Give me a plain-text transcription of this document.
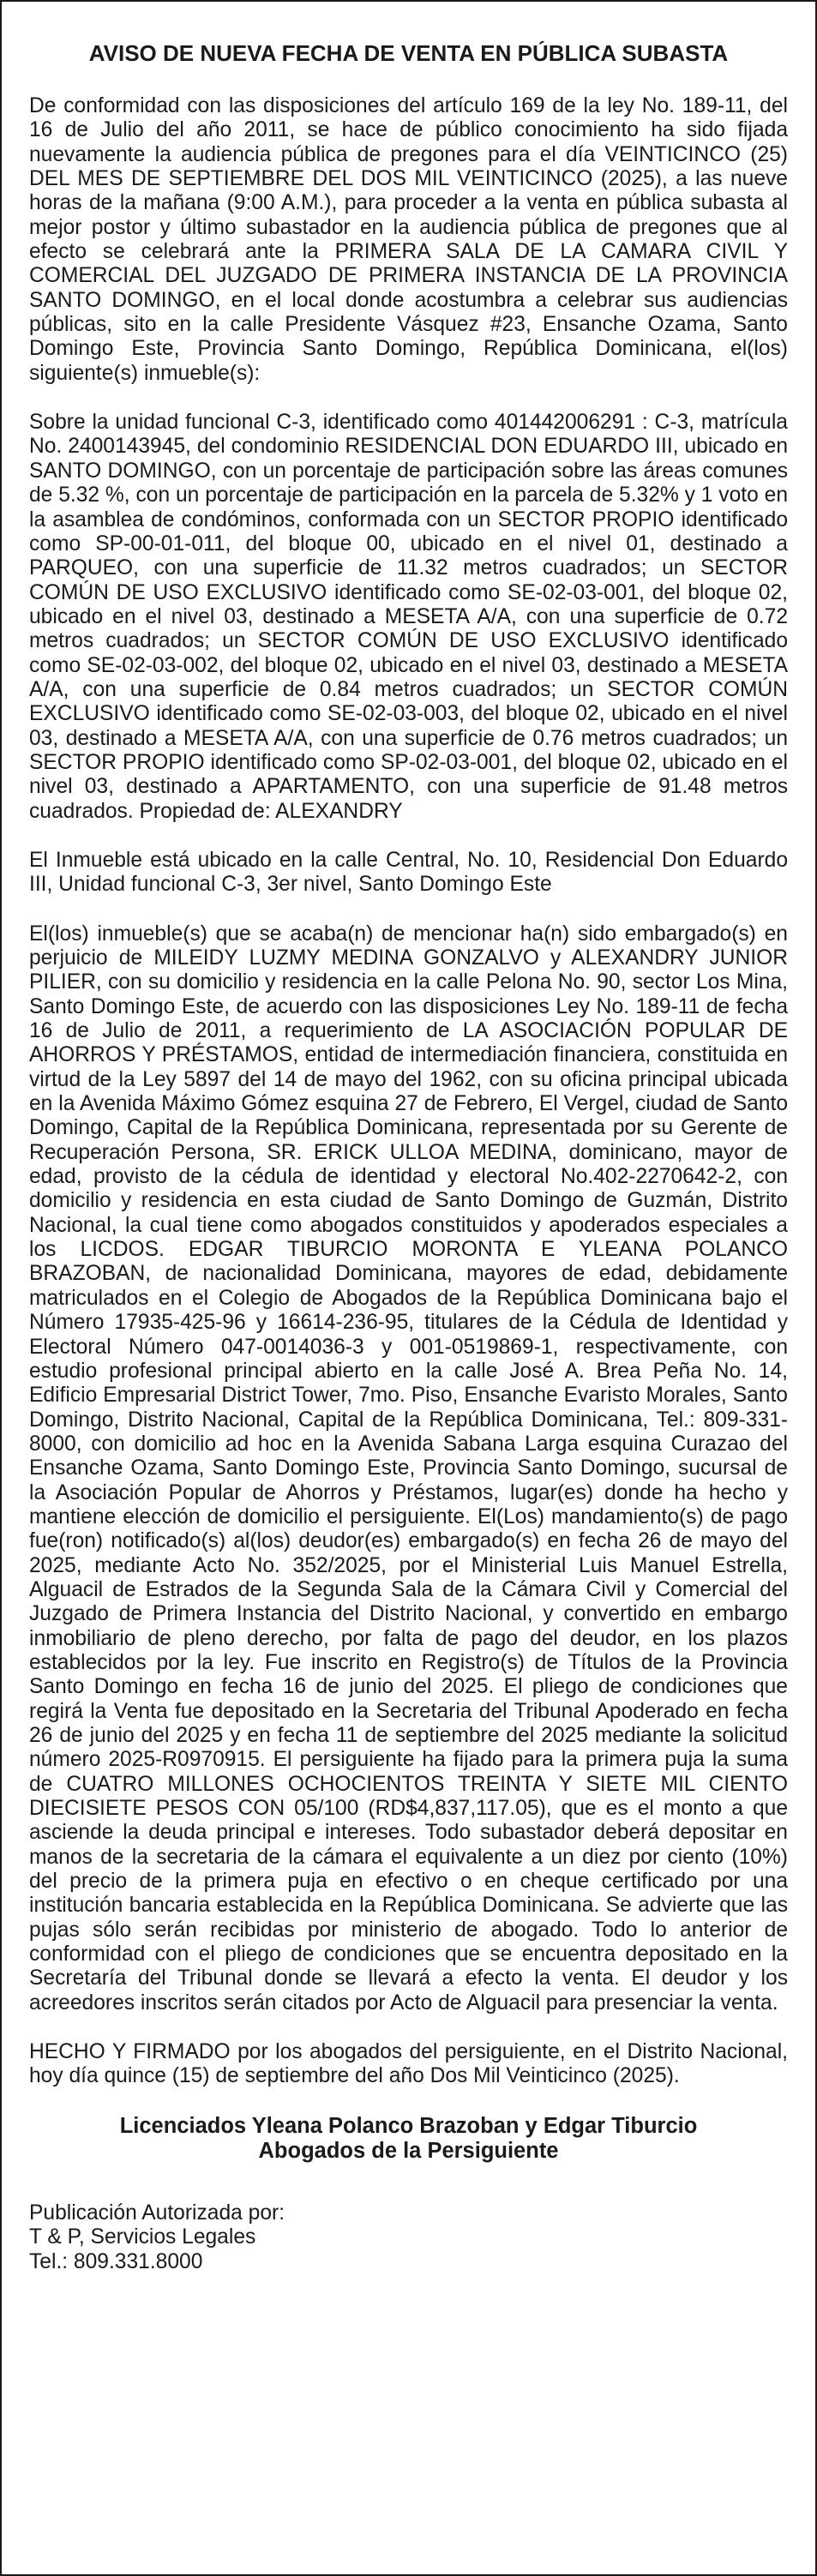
AVISO DE NUEVA FECHA DE VENTA EN PÚBLICA SUBASTA

De conformidad con las disposiciones del artículo 169 de la ley No. 189-11, del 16 de Julio del año 2011, se hace de público conocimiento ha sido fijada nuevamente la audiencia pública de pregones para el día VEINTICINCO (25) DEL MES DE SEPTIEMBRE DEL DOS MIL VEINTICINCO (2025), a las nueve horas de la mañana (9:00 A.M.), para proceder a la venta en pública subasta al mejor postor y último subastador en la audiencia pública de pregones que al efecto se celebrará ante la PRIMERA SALA DE LA CAMARA CIVIL Y COMERCIAL DEL JUZGADO DE PRIMERA INSTANCIA DE LA PROVINCIA SANTO DOMINGO, en el local donde acostumbra a celebrar sus audiencias públicas, sito en la calle Presidente Vásquez #23, Ensanche Ozama, Santo Domingo Este, Provincia Santo Domingo, República Dominicana, el(los) siguiente(s) inmueble(s):

Sobre la unidad funcional C-3, identificado como 401442006291 : C-3, matrícula No. 2400143945, del condominio RESIDENCIAL DON EDUARDO III, ubicado en SANTO DOMINGO, con un porcentaje de participación sobre las áreas comunes de 5.32 %, con un porcentaje de participación en la parcela de 5.32% y 1 voto en la asamblea de condóminos, conformada con un SECTOR PROPIO identificado como SP-00-01-011, del bloque 00, ubicado en el nivel 01, destinado a PARQUEO, con una superficie de 11.32 metros cuadrados; un SECTOR COMÚN DE USO EXCLUSIVO identificado como SE-02-03-001, del bloque 02, ubicado en el nivel 03, destinado a MESETA A/A, con una superficie de 0.72 metros cuadrados; un SECTOR COMÚN DE USO EXCLUSIVO identificado como SE-02-03-002, del bloque 02, ubicado en el nivel 03, destinado a MESETA A/A, con una superficie de 0.84 metros cuadrados; un SECTOR COMÚN EXCLUSIVO identificado como SE-02-03-003, del bloque 02, ubicado en el nivel 03, destinado a MESETA A/A, con una superficie de 0.76 metros cuadrados; un SECTOR PROPIO identificado como SP-02-03-001, del bloque 02, ubicado en el nivel 03, destinado a APARTAMENTO, con una superficie de 91.48 metros cuadrados. Propiedad de: ALEXANDRY

El Inmueble está ubicado en la calle Central, No. 10, Residencial Don Eduardo III, Unidad funcional C-3, 3er nivel, Santo Domingo Este

El(los) inmueble(s) que se acaba(n) de mencionar ha(n) sido embargado(s) en perjuicio de MILEIDY LUZMY MEDINA GONZALVO y ALEXANDRY JUNIOR PILIER, con su domicilio y residencia en la calle Pelona No. 90, sector Los Mina, Santo Domingo Este, de acuerdo con las disposiciones Ley No. 189-11 de fecha 16 de Julio de 2011, a requerimiento de LA ASOCIACIÓN POPULAR DE AHORROS Y PRÉSTAMOS, entidad de intermediación financiera, constituida en virtud de la Ley 5897 del 14 de mayo del 1962, con su oficina principal ubicada en la Avenida Máximo Gómez esquina 27 de Febrero, El Vergel, ciudad de Santo Domingo, Capital de la República Dominicana, representada por su Gerente de Recuperación Persona, SR. ERICK ULLOA MEDINA, dominicano, mayor de edad, provisto de la cédula de identidad y electoral No.402-2270642-2, con domicilio y residencia en esta ciudad de Santo Domingo de Guzmán, Distrito Nacional, la cual tiene como abogados constituidos y apoderados especiales a los LICDOS. EDGAR TIBURCIO MORONTA E YLEANA POLANCO BRAZOBAN, de nacionalidad Dominicana, mayores de edad, debidamente matriculados en el Colegio de Abogados de la República Dominicana bajo el Número 17935-425-96 y 16614-236-95, titulares de la Cédula de Identidad y Electoral Número 047-0014036-3 y 001-0519869-1, respectivamente, con estudio profesional principal abierto en la calle José A. Brea Peña No. 14, Edificio Empresarial District Tower, 7mo. Piso, Ensanche Evaristo Morales, Santo Domingo, Distrito Nacional, Capital de la República Dominicana, Tel.: 809-331-8000, con domicilio ad hoc en la Avenida Sabana Larga esquina Curazao del Ensanche Ozama, Santo Domingo Este, Provincia Santo Domingo, sucursal de la Asociación Popular de Ahorros y Préstamos, lugar(es) donde ha hecho y mantiene elección de domicilio el persiguiente. El(Los) mandamiento(s) de pago fue(ron) notificado(s) al(los) deudor(es) embargado(s) en fecha 26 de mayo del 2025, mediante Acto No. 352/2025, por el Ministerial Luis Manuel Estrella, Alguacil de Estrados de la Segunda Sala de la Cámara Civil y Comercial del Juzgado de Primera Instancia del Distrito Nacional, y convertido en embargo inmobiliario de pleno derecho, por falta de pago del deudor, en los plazos establecidos por la ley. Fue inscrito en Registro(s) de Títulos de la Provincia Santo Domingo en fecha 16 de junio del 2025. El pliego de condiciones que regirá la Venta fue depositado en la Secretaria del Tribunal Apoderado en fecha 26 de junio del 2025 y en fecha 11 de septiembre del 2025 mediante la solicitud número 2025-R0970915. El persiguiente ha fijado para la primera puja la suma de CUATRO MILLONES OCHOCIENTOS TREINTA Y SIETE MIL CIENTO DIECISIETE PESOS CON 05/100 (RD$4,837,117.05), que es el monto a que asciende la deuda principal e intereses. Todo subastador deberá depositar en manos de la secretaria de la cámara el equivalente a un diez por ciento (10%) del precio de la primera puja en efectivo o en cheque certificado por una institución bancaria establecida en la República Dominicana. Se advierte que las pujas sólo serán recibidas por ministerio de abogado. Todo lo anterior de conformidad con el pliego de condiciones que se encuentra depositado en la Secretaría del Tribunal donde se llevará a efecto la venta. El deudor y los acreedores inscritos serán citados por Acto de Alguacil para presenciar la venta.

HECHO Y FIRMADO por los abogados del persiguiente, en el Distrito Nacional, hoy día quince (15) de septiembre del año Dos Mil Veinticinco (2025).

Licenciados Yleana Polanco Brazoban y Edgar Tiburcio
Abogados de la Persiguiente
Publicación Autorizada por:
T & P, Servicios Legales
Tel.: 809.331.8000
